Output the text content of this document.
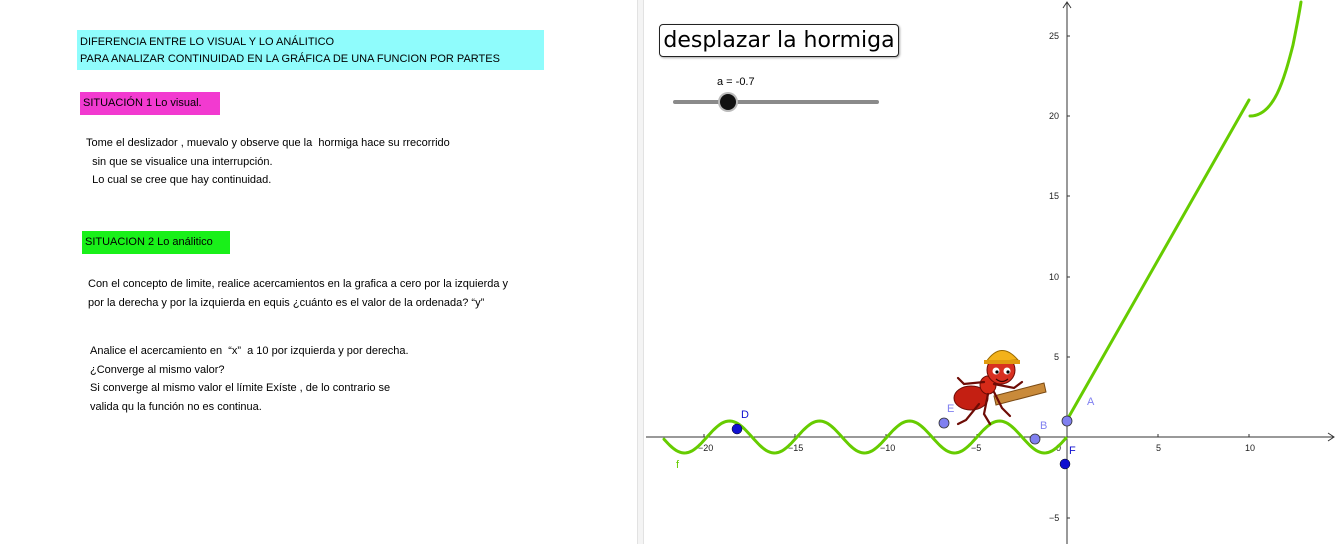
DIFERENCIA ENTRE LO VISUAL Y LO ANÁLITICO
PARA ANALIZAR CONTINUIDAD EN LA GRÁFICA DE UNA FUNCION POR PARTES
SITUACIÓN 1 Lo visual.
Tome el deslizador , muevalo y observe que la  hormiga hace su rrecorrido
sin que se visualice una interrupción.
Lo cual se cree que hay continuidad.
SITUACION 2 Lo análitico
Con el concepto de limite, realice acercamientos en la grafica a cero por la izquierda y
por la derecha y por la izquierda en equis ¿cuánto es el valor de la ordenada? “y”
Analice el acercamiento en  “x”  a 10 por izquierda y por derecha.
¿Converge al mismo valor?
Si converge al mismo valor el límite Exíste , de lo contrario se
valida qu la función no es continua.
−20	−15	−10	−5	0	5	10
25
20
15
10
5
−5
f
D	E
B
A
F
desplazar la hormiga
a = -0.7
